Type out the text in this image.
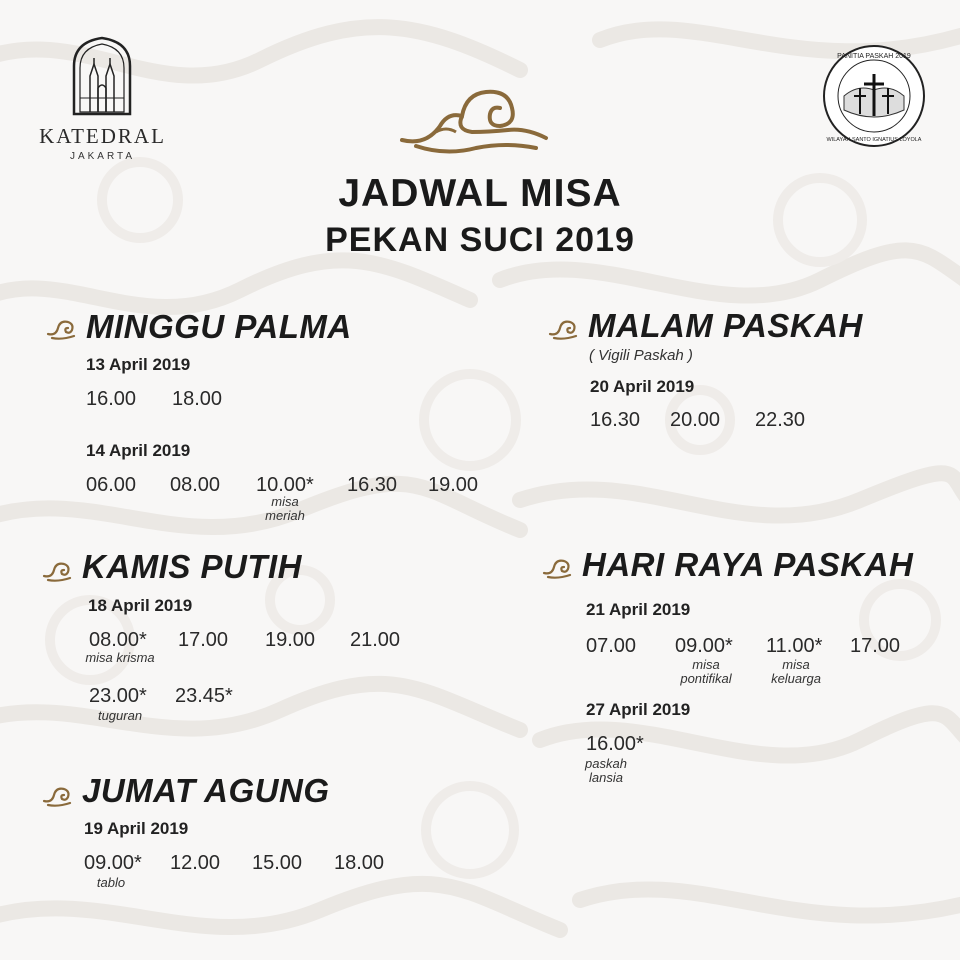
KATEDRAL
JAKARTA
PANITIA PASKAH 2019
WILAYAH SANTO IGNATIUS LOYOLA
JADWAL MISA
PEKAN SUCI 2019
MINGGU PALMA
13 April 2019
16.00 18.00
14 April 2019
06.00 08.00 10.00*
misa meriah
16.30 19.00
KAMIS PUTIH
18 April 2019
08.00*
misa krisma
17.00 19.00 21.00
23.00*
tuguran
23.45*
JUMAT AGUNG
19 April 2019
09.00*
tablo
12.00 15.00 18.00
MALAM PASKAH
( Vigili Paskah )
20 April 2019
16.30 20.00 22.30
HARI RAYA PASKAH
21 April 2019
07.00 09.00*
misa pontifikal
11.00*
misa keluarga
17.00
27 April 2019
16.00*
paskah lansia
